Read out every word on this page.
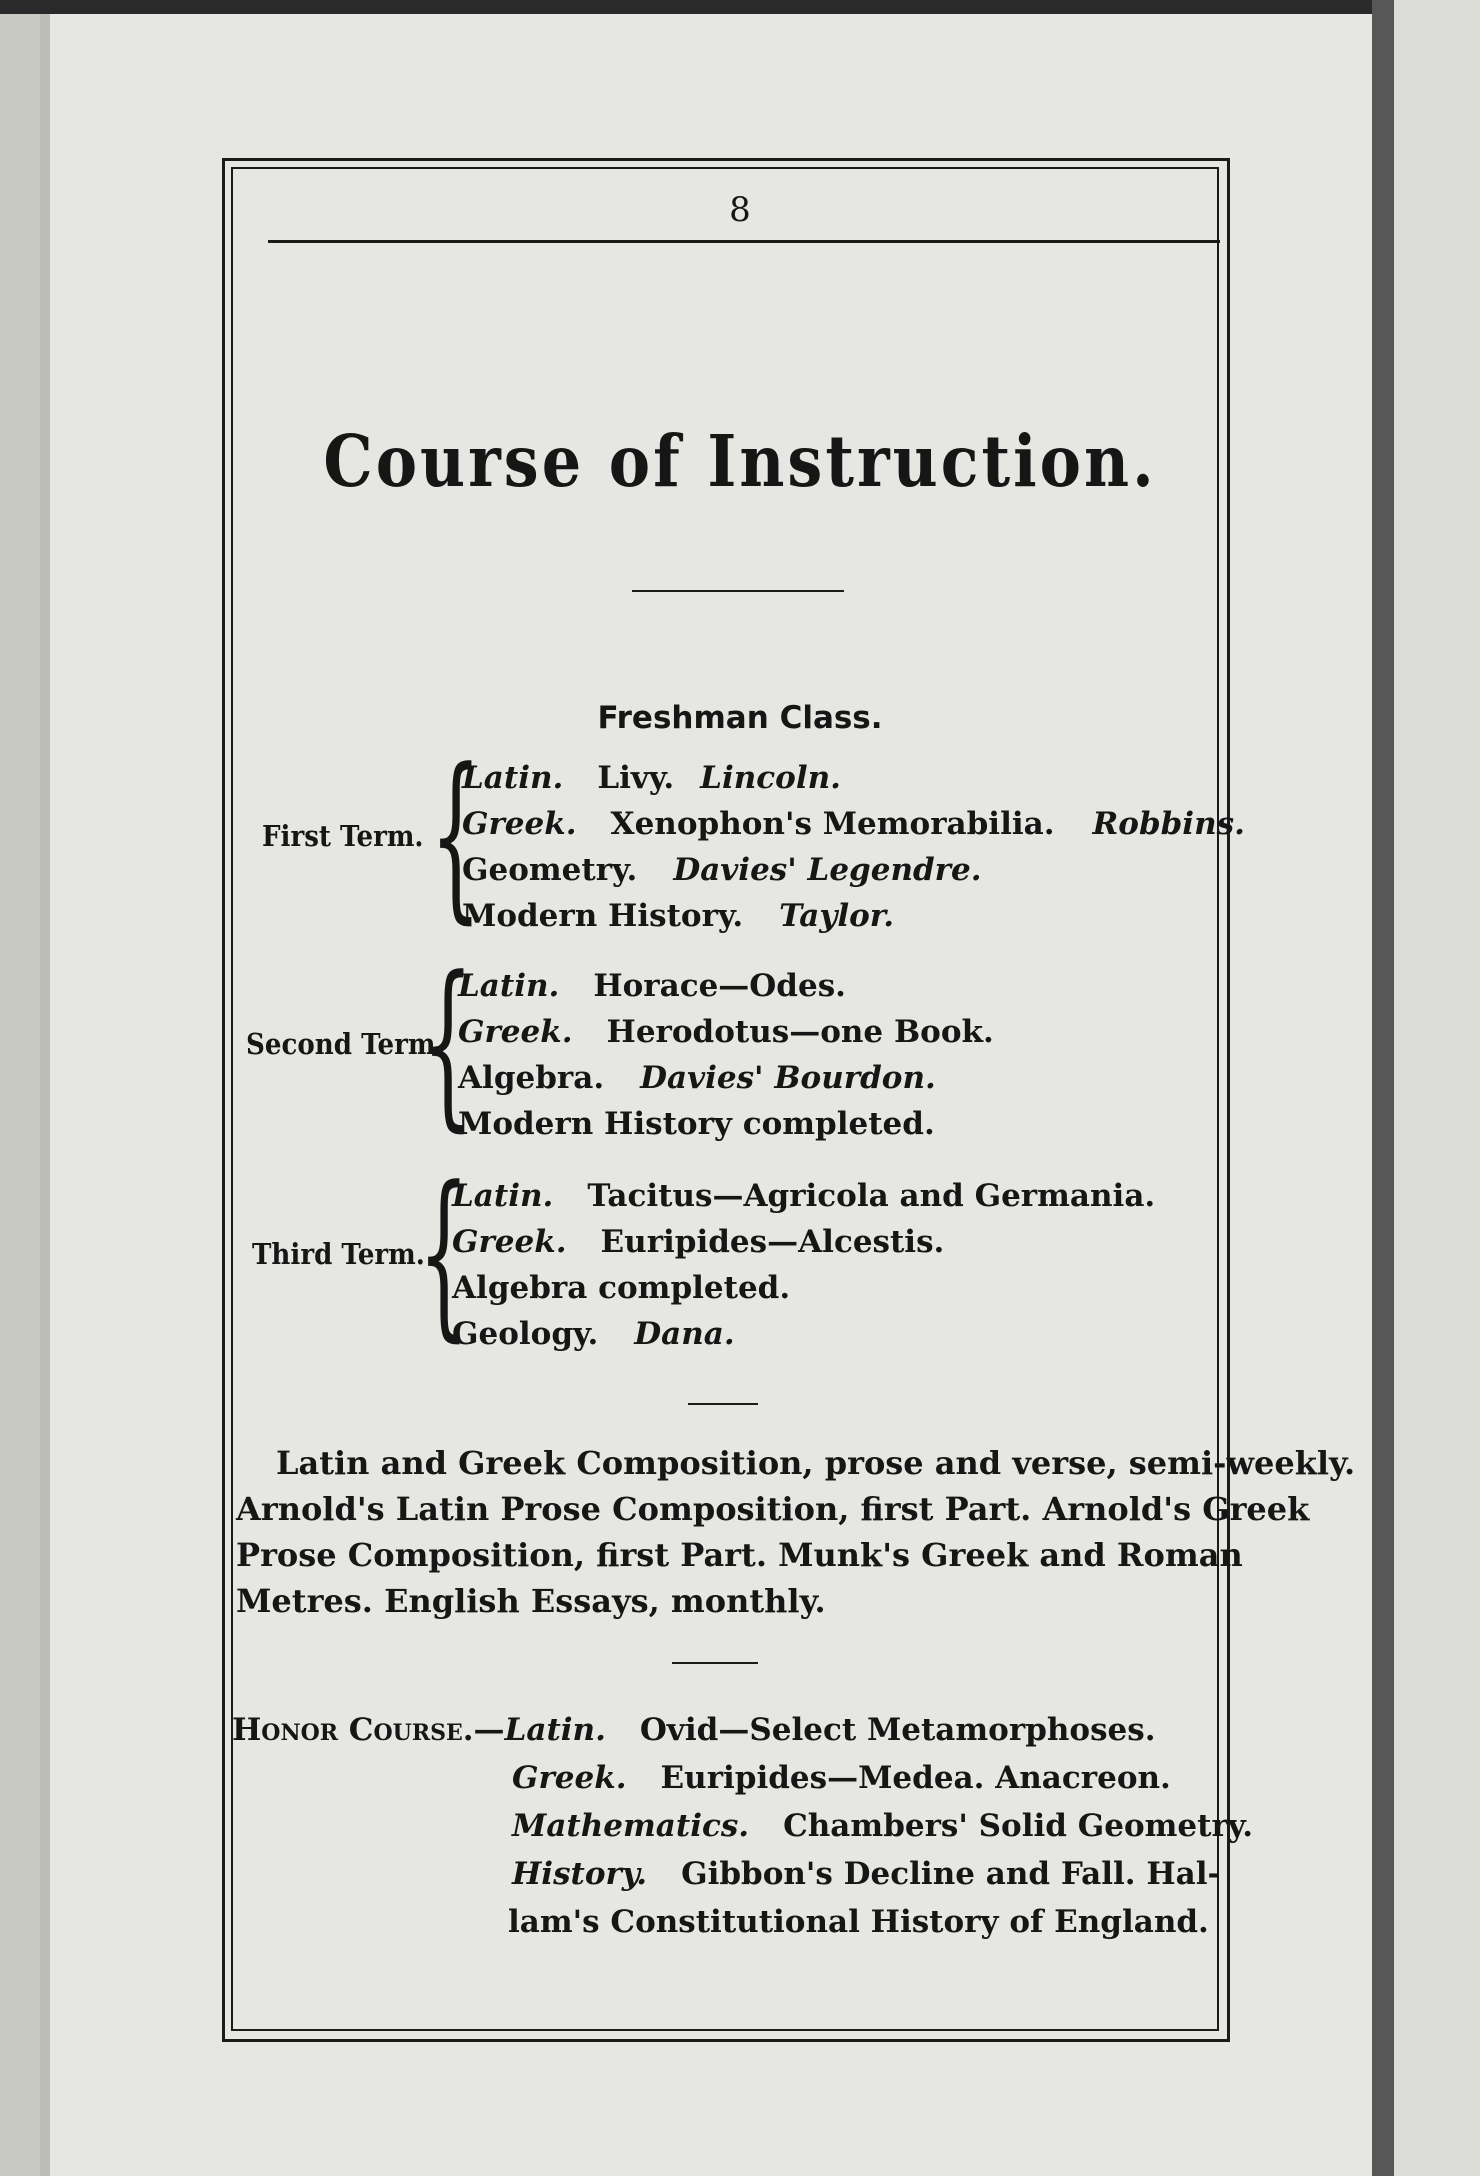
8
Course of Instruction.
Freshman Class.
First Term. {
Latin. Livy. Lincoln.
Greek. Xenophon's Memorabilia. Robbins.
Geometry. Davies' Legendre.
Modern History. Taylor.
Second Term.
{
Latin. Horace—Odes.
Greek. Herodotus—one Book.
Algebra. Davies' Bourdon.
Modern History completed.
Third Term.
{
Latin. Tacitus—Agricola and Germania.
Greek. Euripides—Alcestis.
Algebra completed.
Geology. Dana.
Latin and Greek Composition, prose and verse, semi-weekly.
Arnold's Latin Prose Composition, first Part. Arnold's Greek
Prose Composition, first Part. Munk's Greek and Roman
Metres. English Essays, monthly.
Honor Course.—Latin. Ovid—Select Metamorphoses.
Greek. Euripides—Medea. Anacreon.
Mathematics. Chambers' Solid Geometry.
History. Gibbon's Decline and Fall. Hal-
lam's Constitutional History of England.
